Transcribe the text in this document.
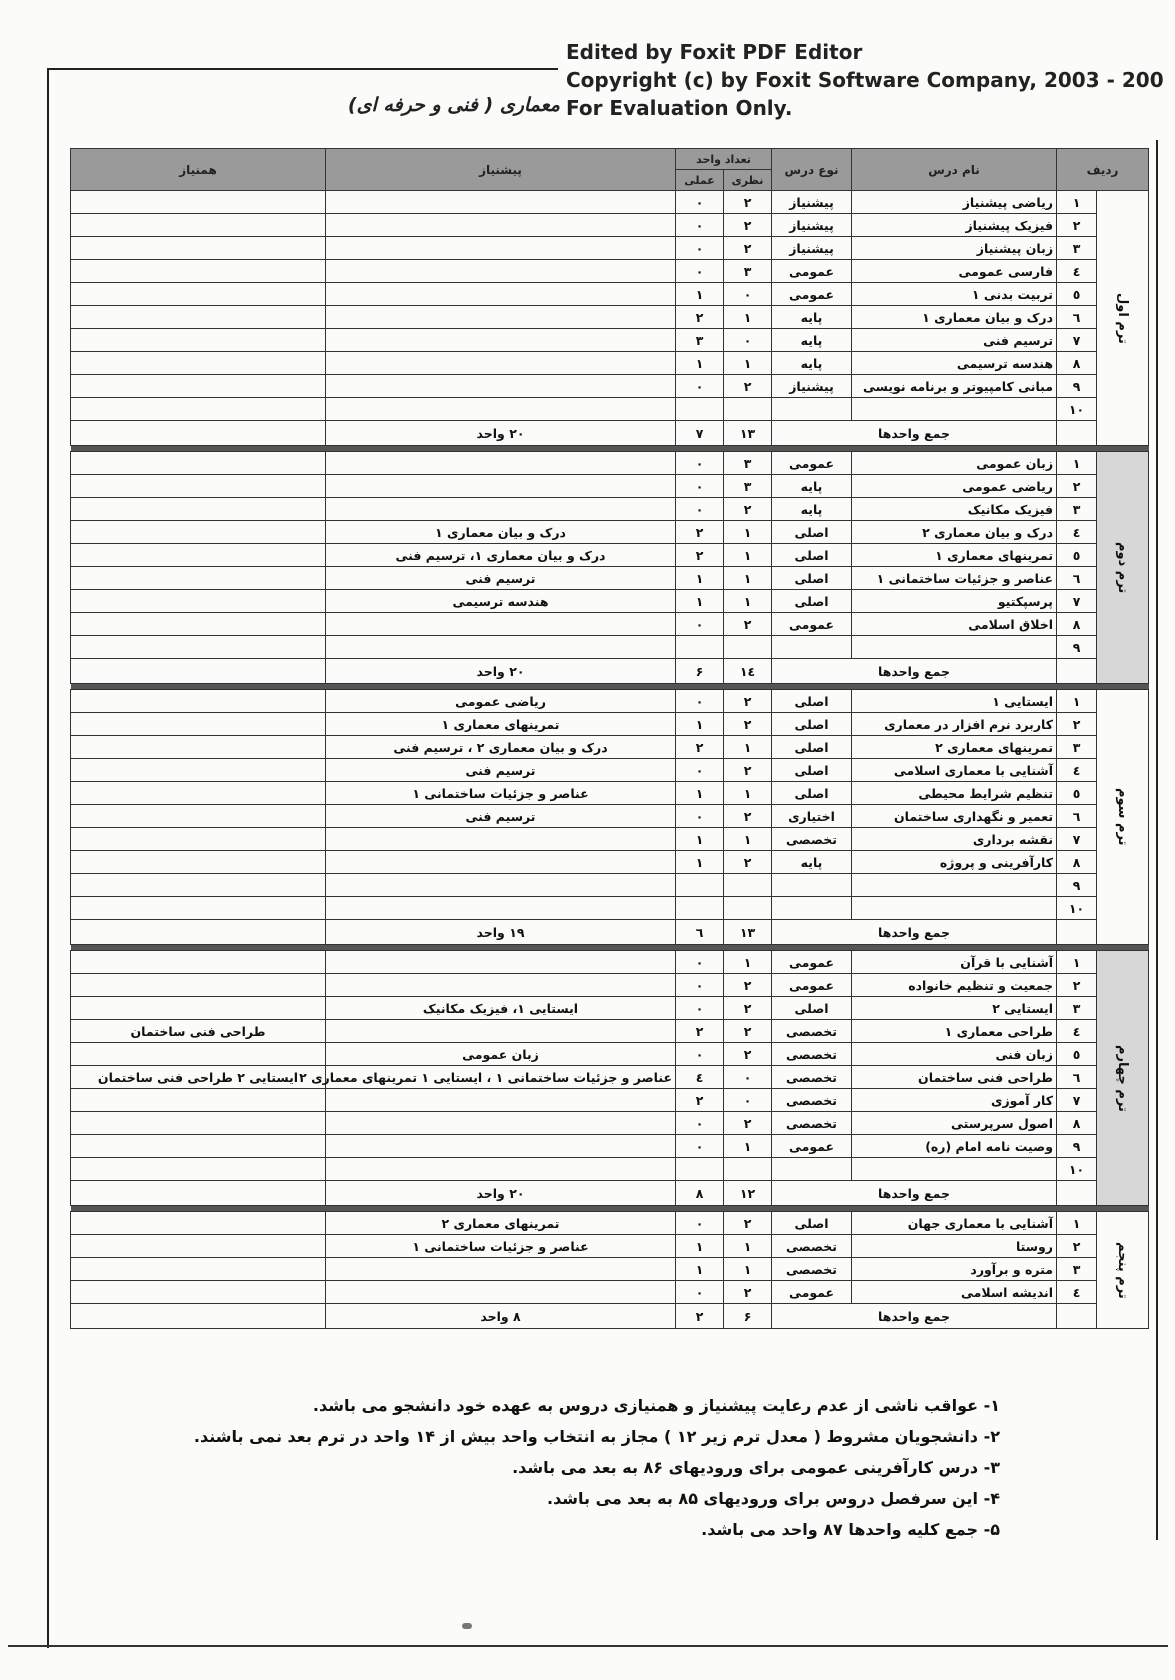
Edited by Foxit PDF Editor
Copyright (c) by Foxit Software Company, 2003 - 200
For Evaluation Only.
معماری ( فنی و حرفه ای)
ردیف		نام درس	نوع درس	تعداد واحد		پیشنیاز	همنیاز
				نظری	عملی		
ترم اول	۱	ریاضی پیشنیاز	پیشنیاز	۲	۰		
	۲	فیزیک پیشنیاز	پیشنیاز	۲	۰		
	۳	زبان پیشنیاز	پیشنیاز	۲	۰		
	٤	فارسی عمومی	عمومی	۳	۰		
	٥	تربیت بدنی ۱	عمومی	۰	۱		
	٦	درک و بیان معماری ۱	پایه	۱	۲		
	۷	ترسیم فنی	پایه	۰	۳		
	۸	هندسه ترسیمی	پایه	۱	۱		
	۹	مبانی کامپیوتر و برنامه نویسی	پیشنیاز	۲	۰		
	۱۰						
		جمع واحدها		۱۳	۷	۲۰ واحد	

ترم دوم	۱	زبان عمومی	عمومی	۳	۰		
	۲	ریاضی عمومی	پایه	۳	۰		
	۳	فیزیک مکانیک	پایه	۲	۰		
	٤	درک و بیان معماری ۲	اصلی	۱	۲	درک و بیان معماری ۱	
	٥	تمرینهای معماری ۱	اصلی	۱	۲	درک و بیان معماری ۱، ترسیم فنی	
	٦	عناصر و جزئیات ساختمانی ۱	اصلی	۱	۱	ترسیم فنی	
	۷	پرسپکتیو	اصلی	۱	۱	هندسه ترسیمی	
	۸	اخلاق اسلامی	عمومی	۲	۰		
	۹						
		جمع واحدها		۱٤	۶	۲۰ واحد	

ترم سوم	۱	ایستایی ۱	اصلی	۲	۰	ریاضی عمومی	
	۲	کاربرد نرم افزار در معماری	اصلی	۲	۱	تمرینهای معماری ۱	
	۳	تمرینهای معماری ۲	اصلی	۱	۲	درک و بیان معماری ۲ ، ترسیم فنی	
	٤	آشنایی با معماری اسلامی	اصلی	۲	۰	ترسیم فنی	
	٥	تنظیم شرایط محیطی	اصلی	۱	۱	عناصر و جزئیات ساختمانی ۱	
	٦	تعمیر و نگهداری ساختمان	اختیاری	۲	۰	ترسیم فنی	
	۷	نقشه برداری	تخصصی	۱	۱		
	۸	کارآفرینی و پروژه	پایه	۲	۱		
	۹						
	۱۰						
		جمع واحدها		۱۳	٦	۱۹ واحد	

ترم چهارم	۱	آشنایی با قرآن	عمومی	۱	۰		
	۲	جمعیت و تنظیم خانواده	عمومی	۲	۰		
	۳	ایستایی ۲	اصلی	۲	۰	ایستایی ۱، فیزیک مکانیک	
	٤	طراحی معماری ۱	تخصصی	۲	۲		طراحی فنی ساختمان
	٥	زبان فنی	تخصصی	۲	۰	زبان عمومی	
	٦	طراحی فنی ساختمان	تخصصی	۰	٤	عناصر و جزئیات ساختمانی ۱ ، ایستایی ۱ تمرینهای معماری ۲	ایستایی ۲ طراحی فنی ساختمان
	۷	کار آموزی	تخصصی	۰	۲		
	۸	اصول سرپرستی	تخصصی	۲	۰		
	۹	وصیت نامه امام (ره)	عمومی	۱	۰		
	۱۰						
		جمع واحدها		۱۲	۸	۲۰ واحد	

ترم پنجم	۱	آشنایی با معماری جهان	اصلی	۲	۰	تمرینهای معماری ۲	
	۲	روستا	تخصصی	۱	۱	عناصر و جزئیات ساختمانی ۱	
	۳	متره و برآورد	تخصصی	۱	۱		
	٤	اندیشه اسلامی	عمومی	۲	۰		
		جمع واحدها		۶	۲	۸ واحد	
۱- عواقب ناشی از عدم رعایت پیشنیاز و همنیازی دروس به عهده خود دانشجو می باشد.
۲- دانشجویان مشروط ( معدل ترم زیر ۱۲ ) مجاز به انتخاب واحد بیش از ۱۴ واحد در ترم بعد نمی باشند.
۳- درس کارآفرینی عمومی برای ورودیهای ۸۶ به بعد می باشد.
۴- این سرفصل دروس برای ورودیهای ۸۵ به بعد می باشد.
۵- جمع کلیه واحدها ۸۷ واحد می باشد.
